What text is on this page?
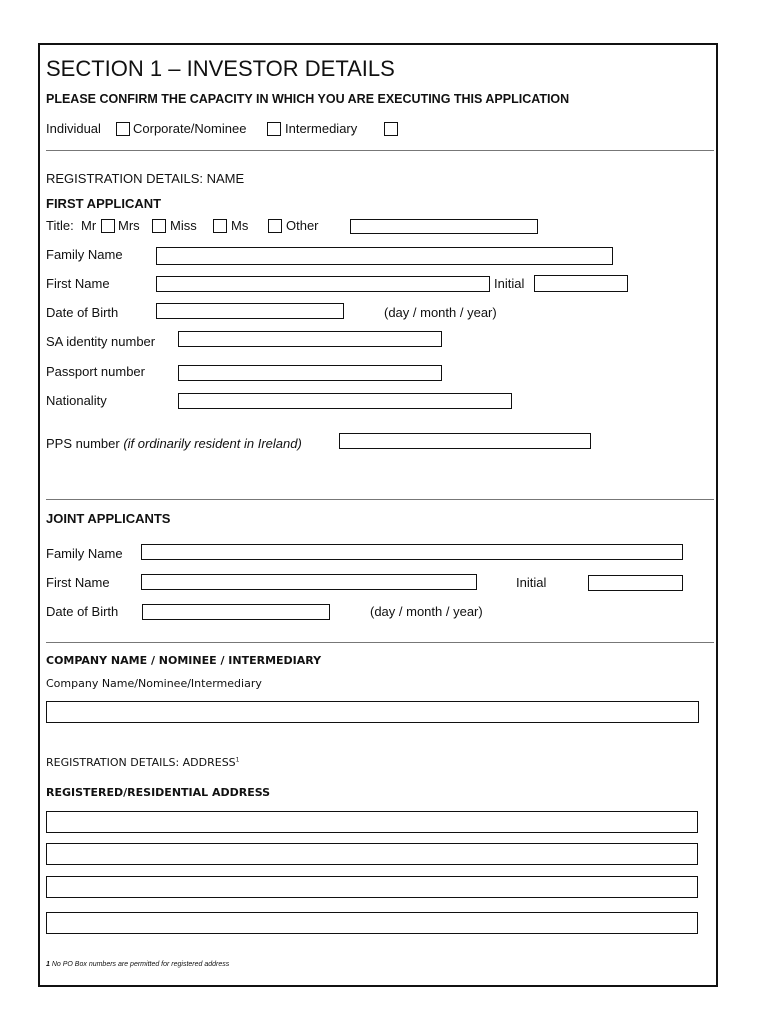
SECTION 1 – INVESTOR DETAILS
PLEASE CONFIRM THE CAPACITY IN WHICH YOU ARE EXECUTING THIS APPLICATION
Individual Corporate/Nominee	Intermediary
REGISTRATION DETAILS: NAME
FIRST APPLICANT
Title: Mr Mrs Miss	Ms	Other
Family Name
First Name	Initial
Date of Birth	(day / month / year)
SA identity number
Passport number
Nationality
PPS number (if ordinarily resident in Ireland)
JOINT APPLICANTS
Family Name
First Name	Initial
Date of Birth	(day / month / year)
COMPANY NAME / NOMINEE / INTERMEDIARY
Company Name/Nominee/Intermediary
REGISTRATION DETAILS: ADDRESS$^1$
REGISTERED/RESIDENTIAL ADDRESS
1 No PO Box numbers are permitted for registered address
